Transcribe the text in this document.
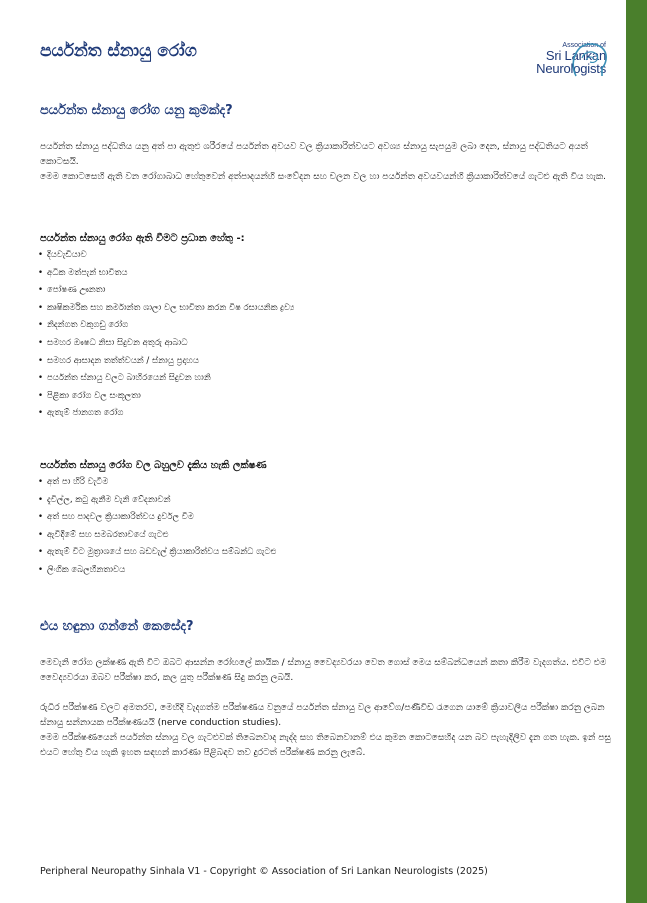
පර්යන්ත ස්නායු රෝග	Association of
Sri Lankan
Neurologists
පර්යන්ත ස්නායු රෝග යනු කුමක්ද?

පර්යන්ත ස්නායු පද්ධතිය යනු අත් පා ඇතුළු ශරීරයේ පර්යන්ත අවයව වල ක්‍රියාකාරිත්වයට අවශ්‍ය ස්නායු සැපයුම ලබා දෙන, ස්නායු පද්ධතියට අයත් කොටසයි.
මෙම කොටසෙහි ඇති වන රෝගාබාධ හේතුවෙන් අත්පාදයන්හි සංවේදන සහ චලන වල හා පර්යන්ත අවයවයන්හි ක්‍රියාකාරිත්වයේ ගැටළු ඇති විය හැක.

පර්යන්ත ස්නායු රෝග ඇති වීමට ප්‍රධාන හේතු -:
• දියවැඩියාව
• අධික මත්පැන් භාවිතය
• පෝෂණ ඌනතා
• කෘෂිකර්මික සහ කර්මාන්ත ශාලා වල භාවිතා කරන විෂ රසායනික ද්‍රව්‍ය
• නිදන්ගත වකුගඩු රෝග
• සමහර ඖෂධ නිසා සිදුවන අතුරු ආබාධ
• සමහර ආසාදන තත්ත්වයන් / ස්නායු ප්‍රදාහය
• පර්යන්ත ස්නායු වලට බාහිරයෙන් සිදුවන හානි
• පිළිකා රෝග වල සංකූලතා
• ඇතැම් ජානගත රෝග
පර්යන්ත ස්නායු රෝග වල බහුලව දැකිය හැකි ලක්ෂණ
• අත් පා හිරි වැටීම
• දැවිල්ල, කටු ඇනීම වැනි වේදනාවන්
• අත් සහ පාදවල ක්‍රියාකාරිත්වය දුර්වල වීම
• ඇවිදීමේ සහ සමබරතාවයේ ගැටළු
• ඇතැම් විට මුත්‍රාශයේ සහ බඩවැල් ක්‍රියාකාරිත්වය සම්බන්ධ ගැටළු
• ලිංගික බෙලහීනතාවය
එය හඳුනා ගන්නේ කෙසේද?

මෙවැනි රෝග ලක්ෂණ ඇති විට ඔබට ආසන්න රෝහලේ කායික / ස්නායු වෛද්‍යවරයා වෙත ගොස් මෙය සම්බන්ධයෙන් කතා කිරීම වැදගත්ය. එවිට එම වෛද්‍යවරයා ඔබව පරීක්ෂා කර, කල යුතු පරීක්ෂණ සිදු කරනු ලබයි.

රුධිර පරීක්ෂණ වලට අමතරව, මෙහිදි වැදගත්ම පරීක්ෂණය වනුයේ පර්යන්ත ස්නායු වල ආවේග/පණිවිඩ රැගෙන යාමේ ක්‍රියාවලිය පරීක්ෂා කරනු ලබන ස්නායු සන්නායක පරීක්ෂණයයි (nerve conduction studies).
මෙම පරීක්ෂණයෙන් පර්යන්ත ස්නායු වල ගැටළුවක් තිබෙනවාද නැද්ද සහ තිබෙනවානම් එය කුමන කොටසෙහිද යන බව පැහැදිලිව දැන ගත හැක. ඉන් පසු එයට හේතු විය හැකි ඉහත සඳහන් කාරණා පිළිබඳව තව දුරටත් පරීක්ෂණ කරනු ලැබේ.

Peripheral Neuropathy Sinhala V1 - Copyright © Association of Sri Lankan Neurologists (2025)
